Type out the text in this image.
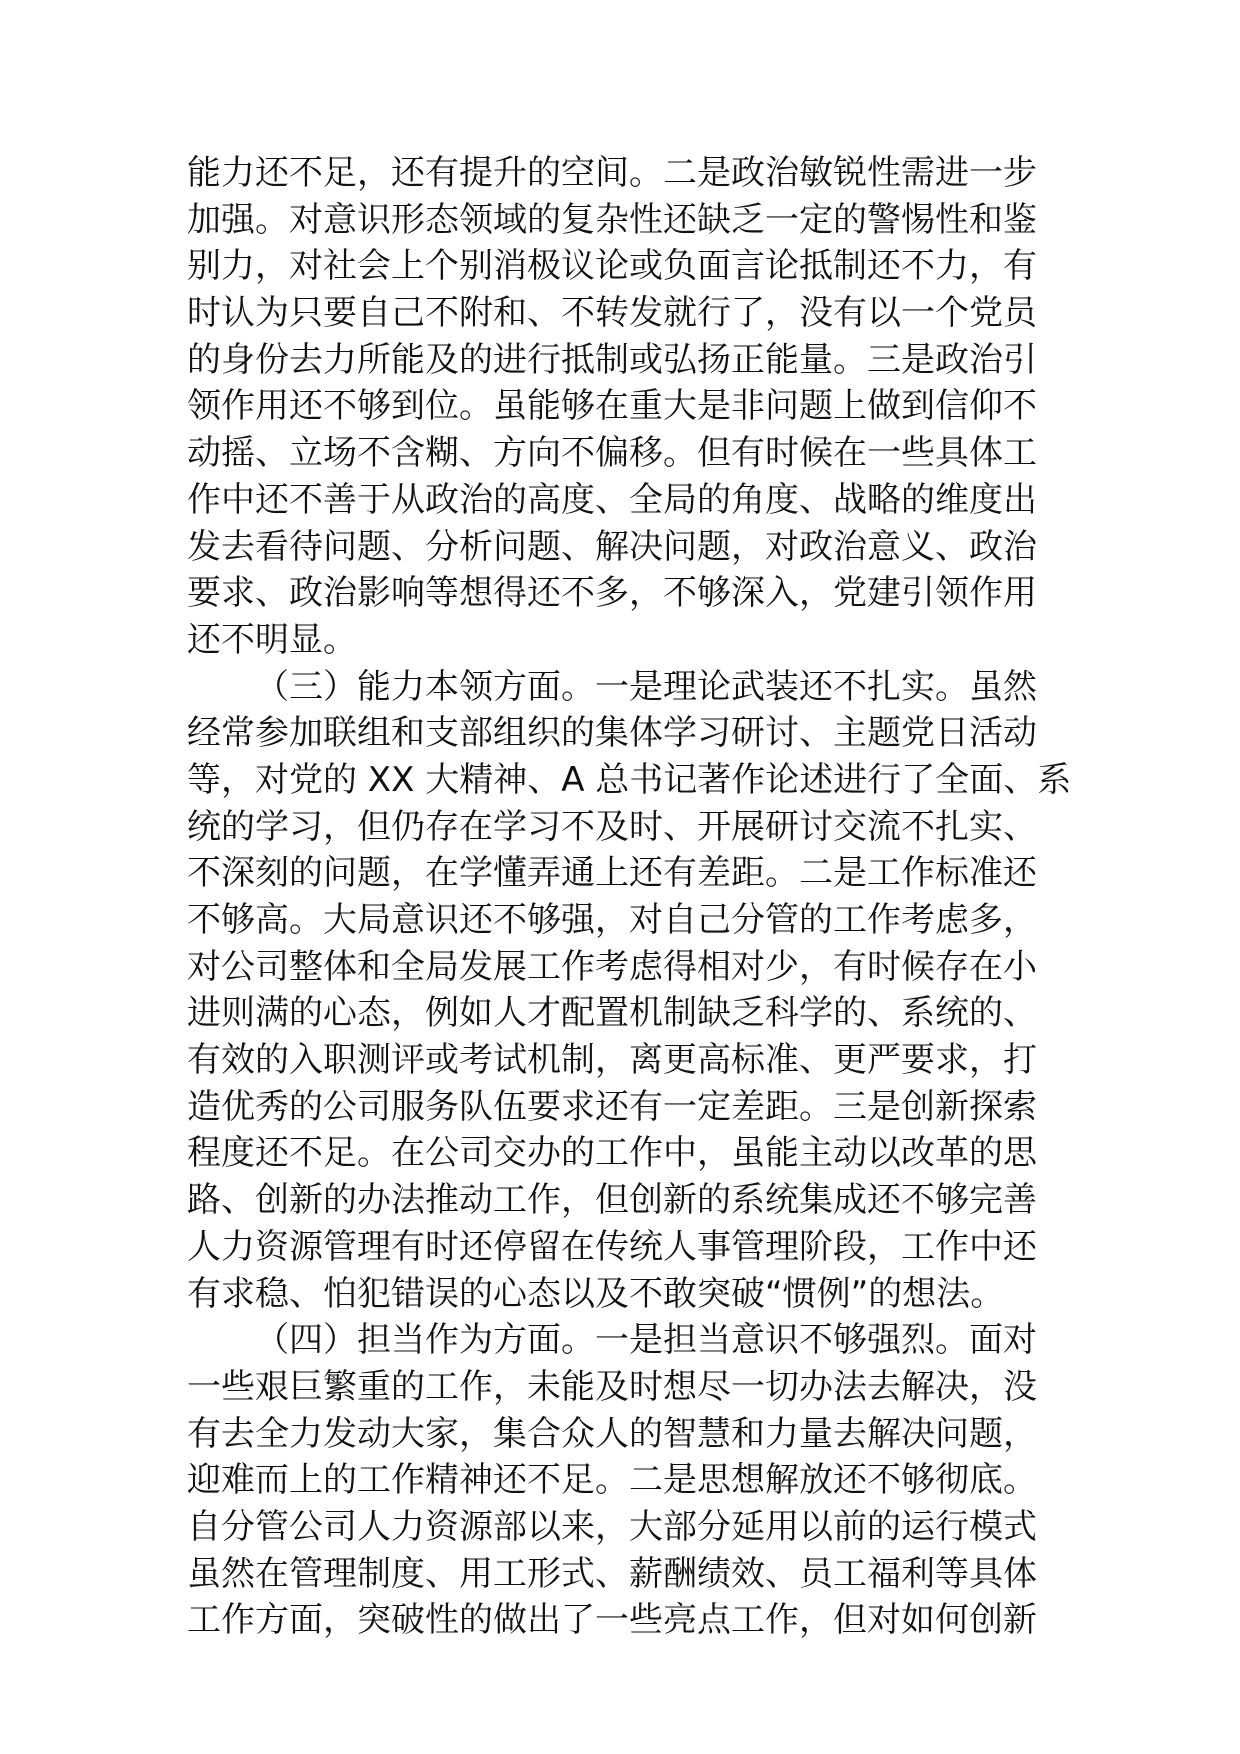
能力还不足，还有提升的空间。二是政治敏锐性需进一步
加强。对意识形态领域的复杂性还缺乏一定的警惕性和鉴
别力，对社会上个别消极议论或负面言论抵制还不力，有
时认为只要自己不附和、不转发就行了，没有以一个党员
的身份去力所能及的进行抵制或弘扬正能量。三是政治引
领作用还不够到位。虽能够在重大是非问题上做到信仰不
动摇、立场不含糊、方向不偏移。但有时候在一些具体工
作中还不善于从政治的高度、全局的角度、战略的维度出
发去看待问题、分析问题、解决问题，对政治意义、政治
要求、政治影响等想得还不多，不够深入，党建引领作用
还不明显。
（三）能力本领方面。一是理论武装还不扎实。虽然
经常参加联组和支部组织的集体学习研讨、主题党日活动
等，对党的 XX 大精神、A 总书记著作论述进行了全面、系
统的学习，但仍存在学习不及时、开展研讨交流不扎实、
不深刻的问题，在学懂弄通上还有差距。二是工作标准还
不够高。大局意识还不够强，对自己分管的工作考虑多，
对公司整体和全局发展工作考虑得相对少，有时候存在小
进则满的心态，例如人才配置机制缺乏科学的、系统的、
有效的入职测评或考试机制，离更高标准、更严要求，打
造优秀的公司服务队伍要求还有一定差距。三是创新探索
程度还不足。在公司交办的工作中，虽能主动以改革的思
路、创新的办法推动工作，但创新的系统集成还不够完善
人力资源管理有时还停留在传统人事管理阶段，工作中还
有求稳、怕犯错误的心态以及不敢突破“惯例”的想法。
（四）担当作为方面。一是担当意识不够强烈。面对
一些艰巨繁重的工作，未能及时想尽一切办法去解决，没
有去全力发动大家，集合众人的智慧和力量去解决问题，
迎难而上的工作精神还不足。二是思想解放还不够彻底。
自分管公司人力资源部以来，大部分延用以前的运行模式
虽然在管理制度、用工形式、薪酬绩效、员工福利等具体
工作方面，突破性的做出了一些亮点工作，但对如何创新
